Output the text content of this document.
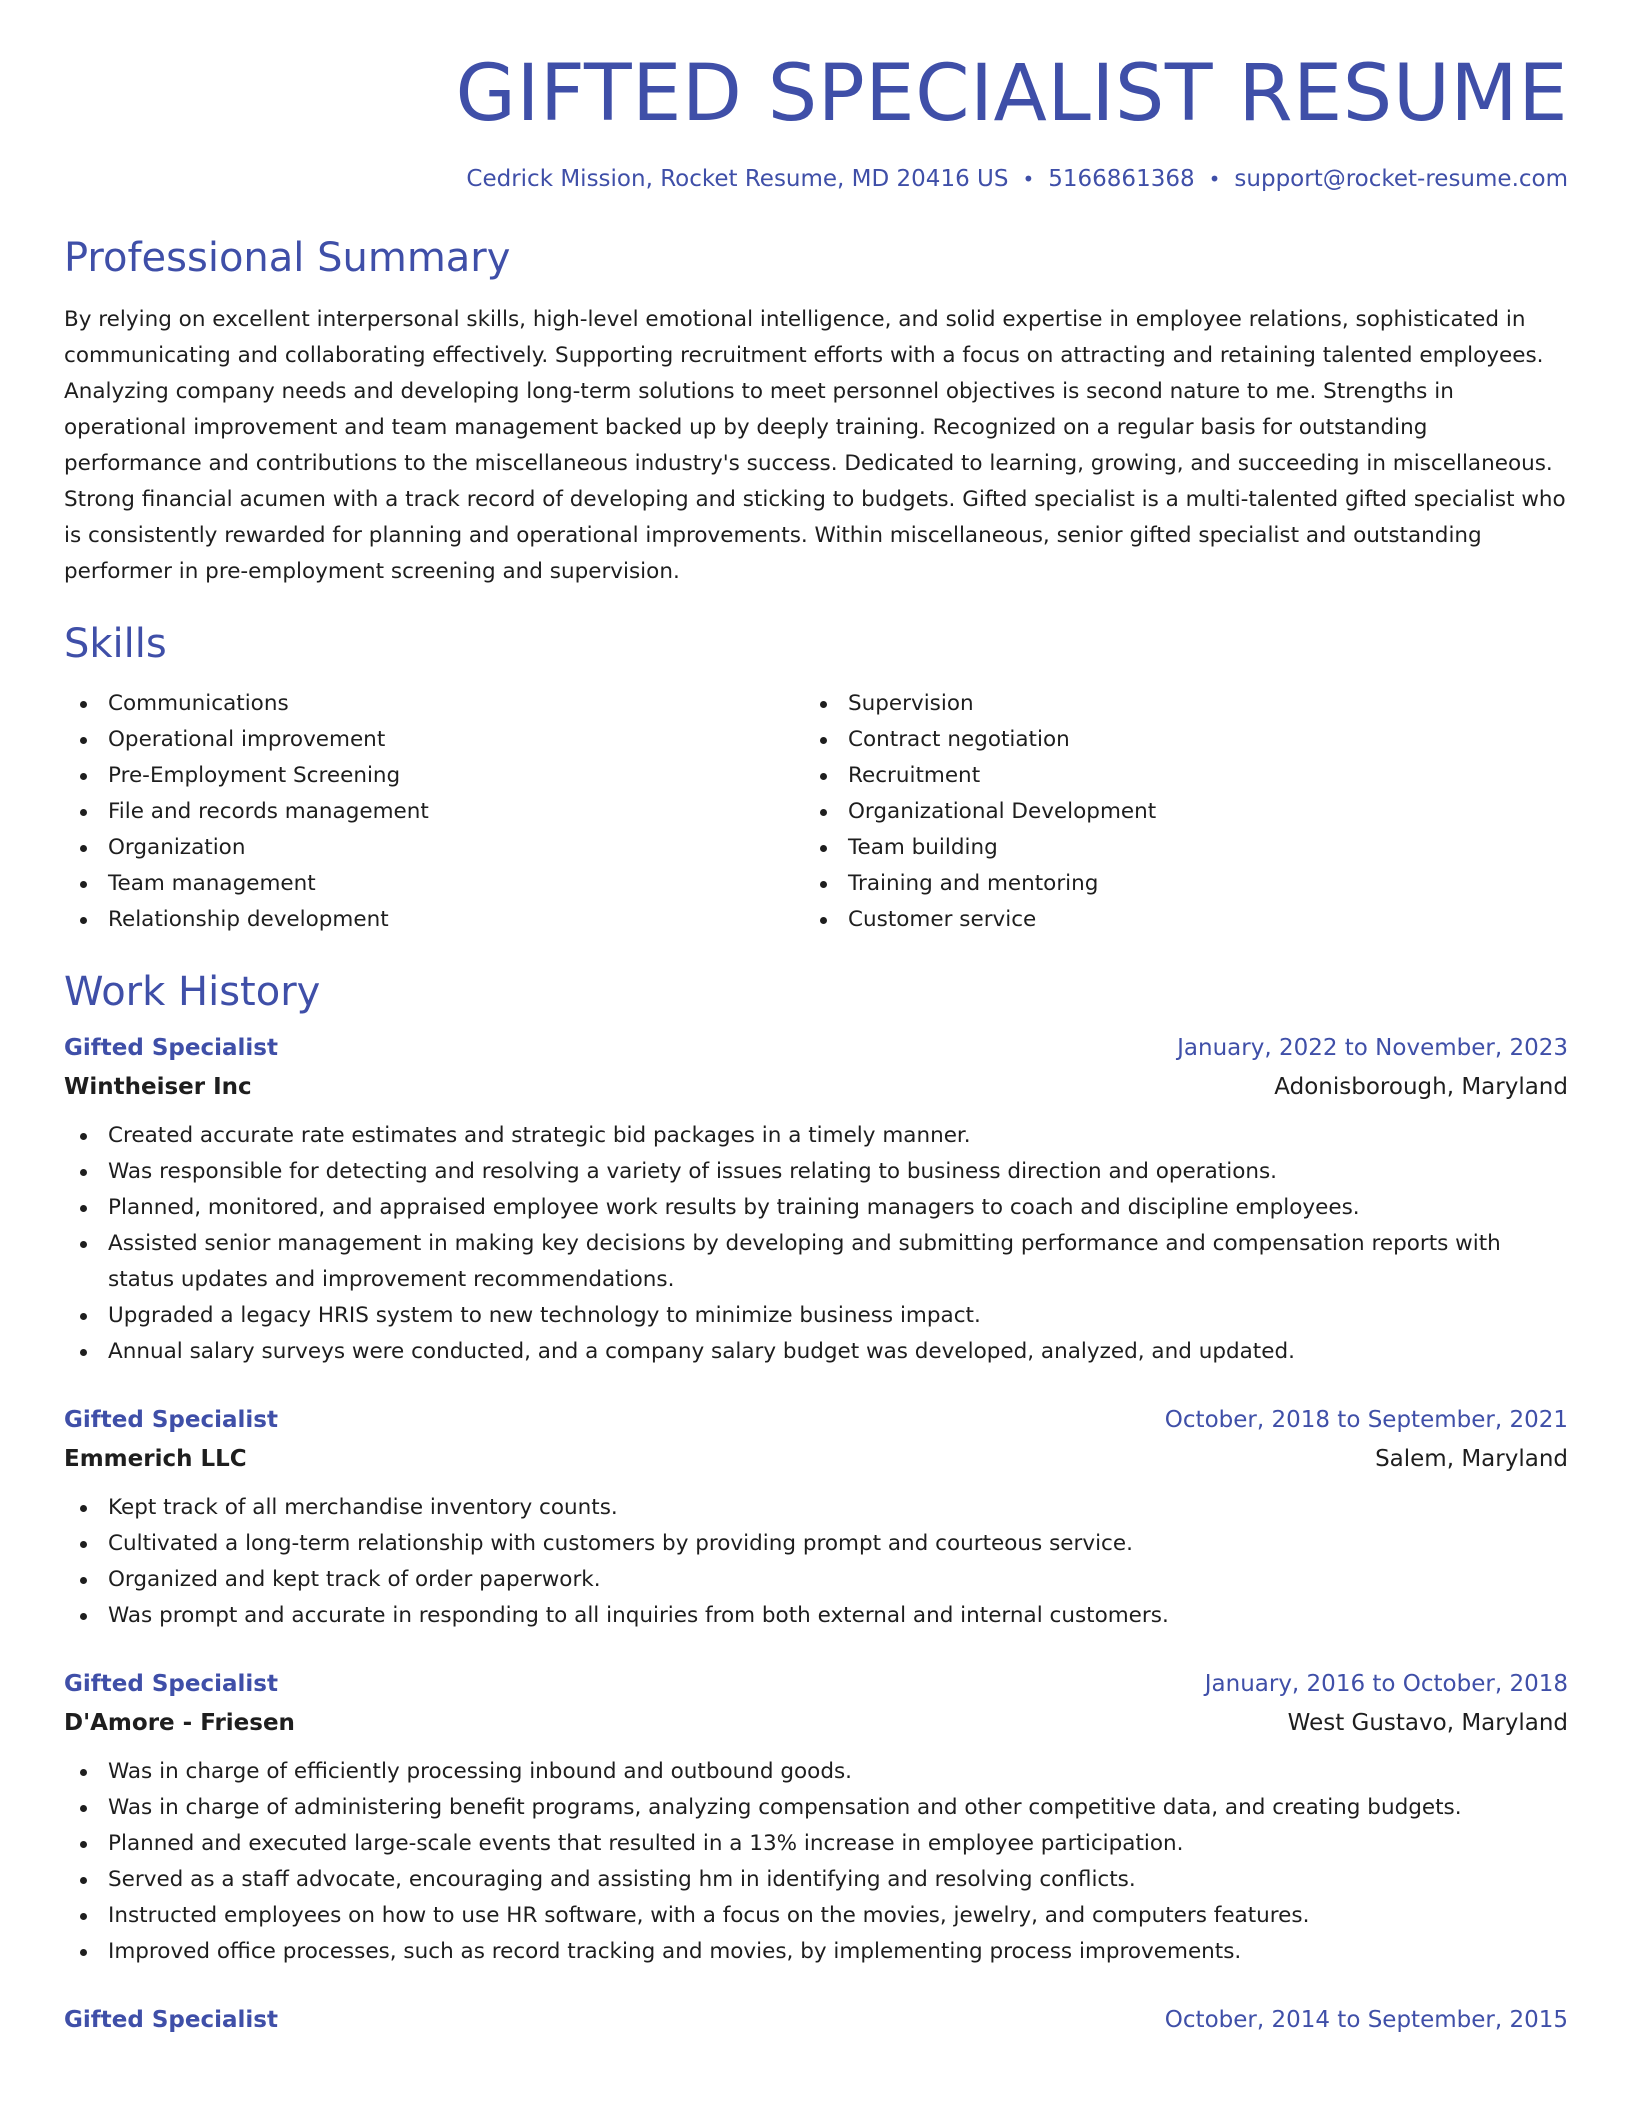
GIFTED SPECIALIST RESUME
Cedrick Mission, Rocket Resume, MD 20416 US • 5166861368 • support@rocket-resume.com
Professional Summary

By relying on excellent interpersonal skills, high-level emotional intelligence, and solid expertise in employee relations, sophisticated in communicating and collaborating effectively. Supporting recruitment efforts with a focus on attracting and retaining talented employees. Analyzing company needs and developing long-term solutions to meet personnel objectives is second nature to me. Strengths in operational improvement and team management backed up by deeply training. Recognized on a regular basis for outstanding performance and contributions to the miscellaneous industry's success. Dedicated to learning, growing, and succeeding in miscellaneous. Strong financial acumen with a track record of developing and sticking to budgets. Gifted specialist is a multi-talented gifted specialist who is consistently rewarded for planning and operational improvements. Within miscellaneous, senior gifted specialist and outstanding performer in pre-employment screening and supervision.

Skills
Communications
Operational improvement
Pre-Employment Screening
File and records management
Organization
Team management
Relationship development
Supervision
Contract negotiation
Recruitment
Organizational Development
Team building
Training and mentoring
Customer service
Work History
Gifted Specialist	January, 2022 to November, 2023
Wintheiser Inc	Adonisborough, Maryland
Created accurate rate estimates and strategic bid packages in a timely manner.
Was responsible for detecting and resolving a variety of issues relating to business direction and operations.
Planned, monitored, and appraised employee work results by training managers to coach and discipline employees.
Assisted senior management in making key decisions by developing and submitting performance and compensation reports with status updates and improvement recommendations.
Upgraded a legacy HRIS system to new technology to minimize business impact.
Annual salary surveys were conducted, and a company salary budget was developed, analyzed, and updated.
Gifted Specialist	October, 2018 to September, 2021
Emmerich LLC	Salem, Maryland
Kept track of all merchandise inventory counts.
Cultivated a long-term relationship with customers by providing prompt and courteous service.
Organized and kept track of order paperwork.
Was prompt and accurate in responding to all inquiries from both external and internal customers.
Gifted Specialist	January, 2016 to October, 2018
D'Amore - Friesen	West Gustavo, Maryland
Was in charge of efficiently processing inbound and outbound goods.
Was in charge of administering benefit programs, analyzing compensation and other competitive data, and creating budgets.
Planned and executed large-scale events that resulted in a 13% increase in employee participation.
Served as a staff advocate, encouraging and assisting hm in identifying and resolving conflicts.
Instructed employees on how to use HR software, with a focus on the movies, jewelry, and computers features.
Improved office processes, such as record tracking and movies, by implementing process improvements.
Gifted Specialist	October, 2014 to September, 2015
